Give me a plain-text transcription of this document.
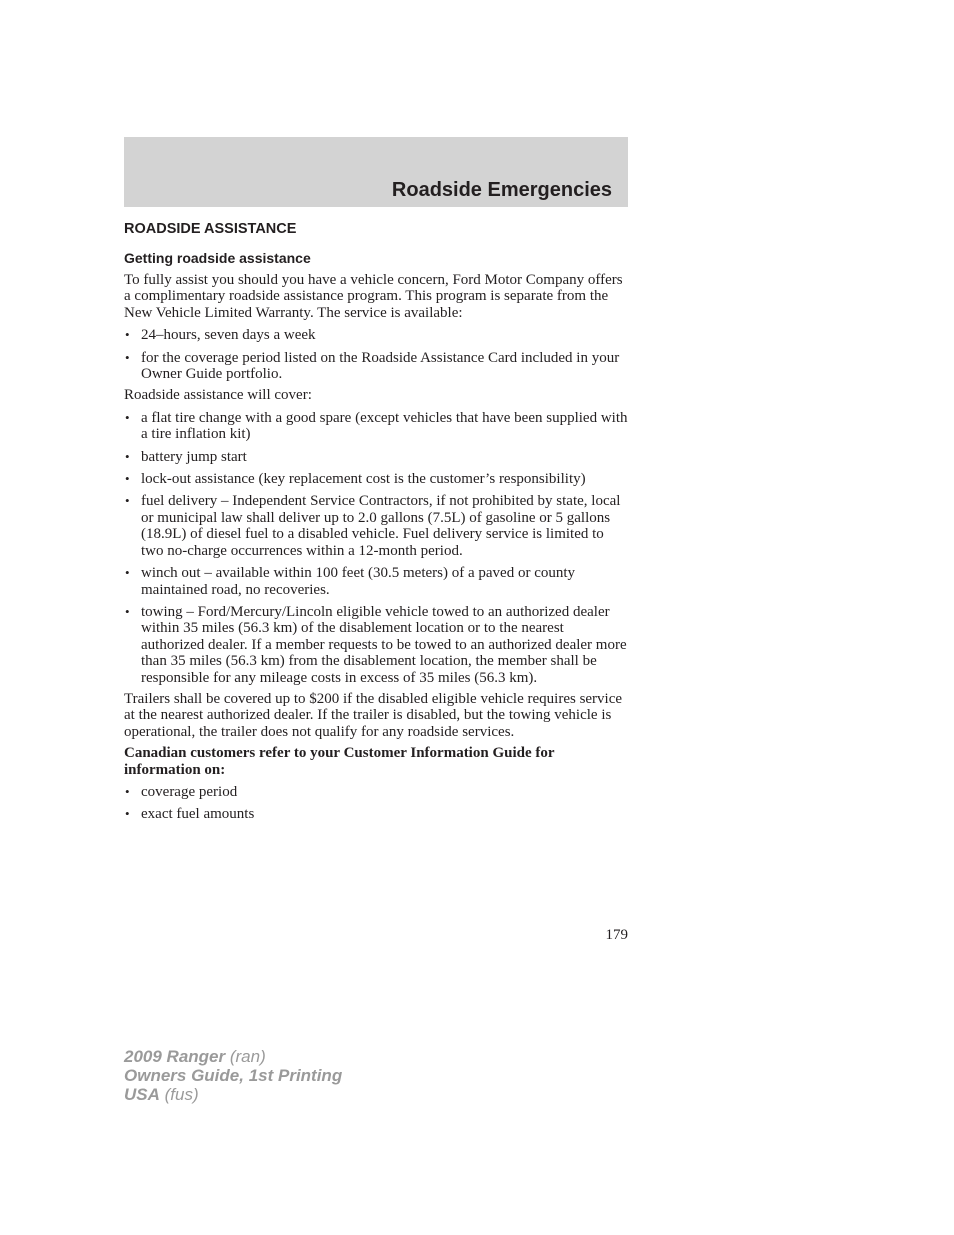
Roadside Emergencies
ROADSIDE ASSISTANCE
Getting roadside assistance

To fully assist you should you have a vehicle concern, Ford Motor Company offers a complimentary roadside assistance program. This program is separate from the New Vehicle Limited Warranty. The service is available:

• 24–hours, seven days a week
• for the coverage period listed on the Roadside Assistance Card included in your Owner Guide portfolio.

Roadside assistance will cover:

• a flat tire change with a good spare (except vehicles that have been supplied with a tire inflation kit)
• battery jump start
• lock-out assistance (key replacement cost is the customer’s responsibility)
• fuel delivery – Independent Service Contractors, if not prohibited by state, local or municipal law shall deliver up to 2.0 gallons (7.5L) of gasoline or 5 gallons (18.9L) of diesel fuel to a disabled vehicle. Fuel delivery service is limited to two no-charge occurrences within a 12-month period.
• winch out – available within 100 feet (30.5 meters) of a paved or county maintained road, no recoveries.
• towing – Ford/Mercury/Lincoln eligible vehicle towed to an authorized dealer within 35 miles (56.3 km) of the disablement location or to the nearest authorized dealer. If a member requests to be towed to an authorized dealer more than 35 miles (56.3 km) from the disablement location, the member shall be responsible for any mileage costs in excess of 35 miles (56.3 km).

Trailers shall be covered up to $200 if the disabled eligible vehicle requires service at the nearest authorized dealer. If the trailer is disabled, but the towing vehicle is operational, the trailer does not qualify for any roadside services.

Canadian customers refer to your Customer Information Guide for information on:

• coverage period
• exact fuel amounts
179
2009 Ranger (ran)
Owners Guide, 1st Printing
USA (fus)
